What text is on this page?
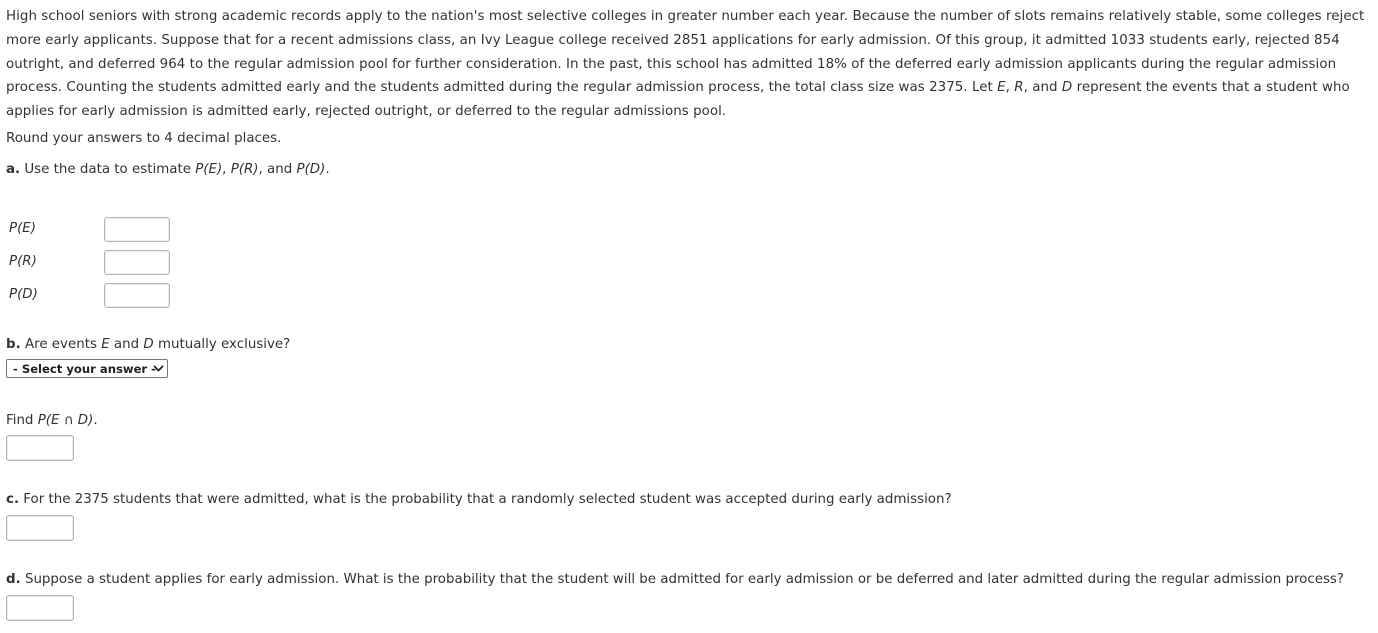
High school seniors with strong academic records apply to the nation's most selective colleges in greater number each year. Because the number of slots remains relatively stable, some colleges reject more early applicants. Suppose that for a recent admissions class, an Ivy League college received 2851 applications for early admission. Of this group, it admitted 1033 students early, rejected 854 outright, and deferred 964 to the regular admission pool for further consideration. In the past, this school has admitted 18% of the deferred early admission applicants during the regular admission process. Counting the students admitted early and the students admitted during the regular admission process, the total class size was 2375. Let E, R, and D represent the events that a student who applies for early admission is admitted early, rejected outright, or deferred to the regular admissions pool.

Round your answers to 4 decimal places.

a. Use the data to estimate P(E), P(R), and P(D).

P(E)
P(R)
P(D)

b. Are events E and D mutually exclusive?

- Select your answer -

Find P(E ∩ D).

c. For the 2375 students that were admitted, what is the probability that a randomly selected student was accepted during early admission?

d. Suppose a student applies for early admission. What is the probability that the student will be admitted for early admission or be deferred and later admitted during the regular admission process?
